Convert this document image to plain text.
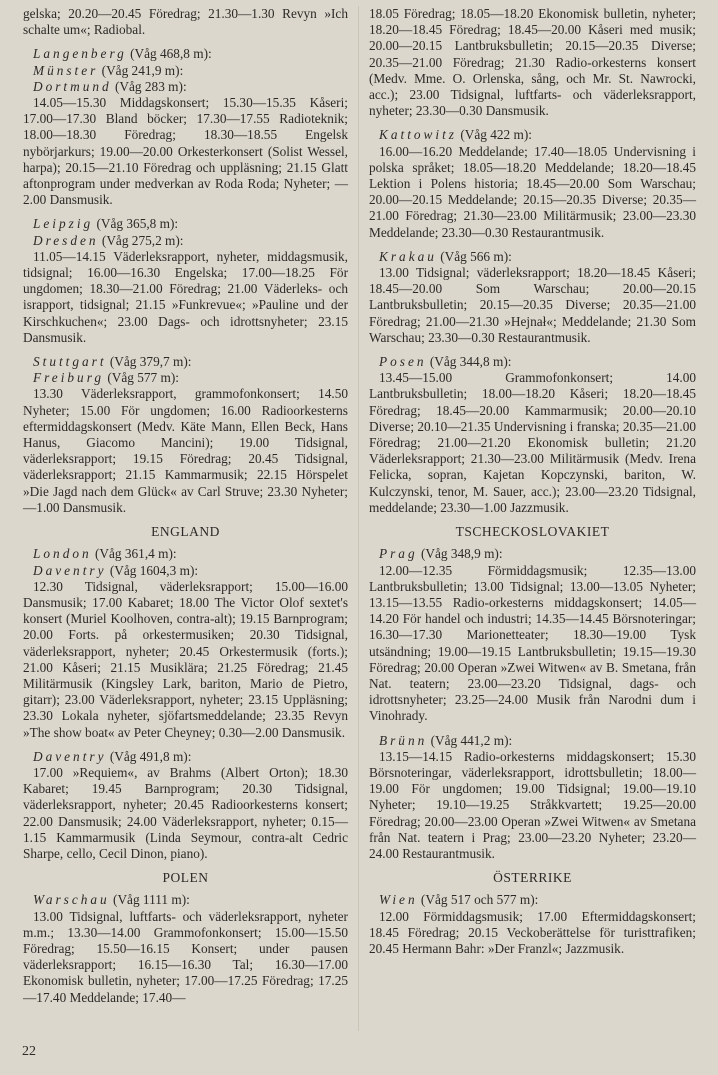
gelska; 20.20—20.45 Föredrag; 21.30—1.30 Revyn »Ich schalte um«; Radiobal.

Langenberg (Våg 468,8 m):
Münster (Våg 241,9 m):
Dortmund (Våg 283 m):

14.05—15.30 Middagskonsert; 15.30—15.35 Kåseri; 17.00—17.30 Bland böcker; 17.30—17.55 Radioteknik; 18.00—18.30 Föredrag; 18.30—18.55 Engelsk nybörjarkurs; 19.00—20.00 Orkesterkonsert (Solist Wessel, harpa); 20.15—21.10 Föredrag och uppläsning; 21.15 Glatt aftonprogram under medverkan av Roda Roda; Nyheter; —2.00 Dansmusik.

Leipzig (Våg 365,8 m):
Dresden (Våg 275,2 m):

11.05—14.15 Väderleksrapport, nyheter, middagsmusik, tidsignal; 16.00—16.30 Engelska; 17.00—18.25 För ungdomen; 18.30—21.00 Föredrag; 21.00 Väderleks- och israpport, tidsignal; 21.15 »Funkrevue«; »Pauline und der Kirschkuchen«; 23.00 Dags- och idrottsnyheter; 23.15 Dansmusik.

Stuttgart (Våg 379,7 m):
Freiburg (Våg 577 m):

13.30 Väderleksrapport, grammofonkonsert; 14.50 Nyheter; 15.00 För ungdomen; 16.00 Radioorkesterns eftermiddagskonsert (Medv. Käte Mann, Ellen Beck, Hans Hanus, Giacomo Mancini); 19.00 Tidsignal, väderleksrapport; 19.15 Föredrag; 20.45 Tidsignal, väderleksrapport; 21.15 Kammarmusik; 22.15 Hörspelet »Die Jagd nach dem Glück« av Carl Struve; 23.30 Nyheter; —1.00 Dansmusik.

ENGLAND
London (Våg 361,4 m):
Daventry (Våg 1604,3 m):

12.30 Tidsignal, väderleksrapport; 15.00—16.00 Dansmusik; 17.00 Kabaret; 18.00 The Victor Olof sextet's konsert (Muriel Koolhoven, contra-alt); 19.15 Barnprogram; 20.00 Forts. på orkestermusiken; 20.30 Tidsignal, väderleksrapport, nyheter; 20.45 Orkestermusik (forts.); 21.00 Kåseri; 21.15 Musiklära; 21.25 Föredrag; 21.45 Militärmusik (Kingsley Lark, bariton, Mario de Pietro, gitarr); 23.00 Väderleksrapport, nyheter; 23.15 Uppläsning; 23.30 Lokala nyheter, sjöfartsmeddelande; 23.35 Revyn »The show boat« av Peter Cheyney; 0.30—2.00 Dansmusik.

Daventry (Våg 491,8 m):

17.00 »Requiem«, av Brahms (Albert Orton); 18.30 Kabaret; 19.45 Barnprogram; 20.30 Tidsignal, väderleksrapport, nyheter; 20.45 Radioorkesterns konsert; 22.00 Dansmusik; 24.00 Väderleksrapport, nyheter; 0.15—1.15 Kammarmusik (Linda Seymour, contra-alt Cedric Sharpe, cello, Cecil Dinon, piano).

POLEN
Warschau (Våg 1111 m):

13.00 Tidsignal, luftfarts- och väderleksrapport, nyheter m.m.; 13.30—14.00 Grammofonkonsert; 15.00—15.50 Föredrag; 15.50—16.15 Konsert; under pausen väderleksrapport; 16.15—16.30 Tal; 16.30—17.00 Ekonomisk bulletin, nyheter; 17.00—17.25 Föredrag; 17.25—17.40 Meddelande; 17.40—

18.05 Föredrag; 18.05—18.20 Ekonomisk bulletin, nyheter; 18.20—18.45 Föredrag; 18.45—20.00 Kåseri med musik; 20.00—20.15 Lantbruksbulletin; 20.15—20.35 Diverse; 20.35—21.00 Föredrag; 21.30 Radio-orkesterns konsert (Medv. Mme. O. Orlenska, sång, och Mr. St. Nawrocki, acc.); 23.00 Tidsignal, luftfarts- och väderleksrapport, nyheter; 23.30—0.30 Dansmusik.

Kattowitz (Våg 422 m):

16.00—16.20 Meddelande; 17.40—18.05 Undervisning i polska språket; 18.05—18.20 Meddelande; 18.20—18.45 Lektion i Polens historia; 18.45—20.00 Som Warschau; 20.00—20.15 Meddelande; 20.15—20.35 Diverse; 20.35—21.00 Föredrag; 21.30—23.00 Militärmusik; 23.00—23.30 Meddelande; 23.30—0.30 Restaurantmusik.

Krakau (Våg 566 m):

13.00 Tidsignal; väderleksrapport; 18.20—18.45 Kåseri; 18.45—20.00 Som Warschau; 20.00—20.15 Lantbruksbulletin; 20.15—20.35 Diverse; 20.35—21.00 Föredrag; 21.00—21.30 »Hejnał«; Meddelande; 21.30 Som Warschau; 23.30—0.30 Restaurantmusik.

Posen (Våg 344,8 m):

13.45—15.00 Grammofonkonsert; 14.00 Lantbruksbulletin; 18.00—18.20 Kåseri; 18.20—18.45 Föredrag; 18.45—20.00 Kammarmusik; 20.00—20.10 Diverse; 20.10—21.35 Undervisning i franska; 20.35—21.00 Föredrag; 21.00—21.20 Ekonomisk bulletin; 21.20 Väderleksrapport; 21.30—23.00 Militärmusik (Medv. Irena Felicka, sopran, Kajetan Kopczynski, bariton, W. Kulczynski, tenor, M. Sauer, acc.); 23.00—23.20 Tidsignal, meddelande; 23.30—1.00 Jazzmusik.

TSCHECKOSLOVAKIET
Prag (Våg 348,9 m):

12.00—12.35 Förmiddagsmusik; 12.35—13.00 Lantbruksbulletin; 13.00 Tidsignal; 13.00—13.05 Nyheter; 13.15—13.55 Radio-orkesterns middagskonsert; 14.05—14.20 För handel och industri; 14.35—14.45 Börsnoteringar; 16.30—17.30 Marionetteater; 18.30—19.00 Tysk utsändning; 19.00—19.15 Lantbruksbulletin; 19.15—19.30 Föredrag; 20.00 Operan »Zwei Witwen« av B. Smetana, från Nat. teatern; 23.00—23.20 Tidsignal, dags- och idrottsnyheter; 23.25—24.00 Musik från Narodni dum i Vinohrady.

Brünn (Våg 441,2 m):

13.15—14.15 Radio-orkesterns middagskonsert; 15.30 Börsnoteringar, väderleksrapport, idrottsbulletin; 18.00—19.00 För ungdomen; 19.00 Tidsignal; 19.00—19.10 Nyheter; 19.10—19.25 Stråkkvartett; 19.25—20.00 Föredrag; 20.00—23.00 Operan »Zwei Witwen« av Smetana från Nat. teatern i Prag; 23.00—23.20 Nyheter; 23.20—24.00 Restaurantmusik.

ÖSTERRIKE
Wien (Våg 517 och 577 m):

12.00 Förmiddagsmusik; 17.00 Eftermiddagskonsert; 18.45 Föredrag; 20.15 Veckoberättelse för turisttrafiken; 20.45 Hermann Bahr: »Der Franzl«; Jazzmusik.

22
